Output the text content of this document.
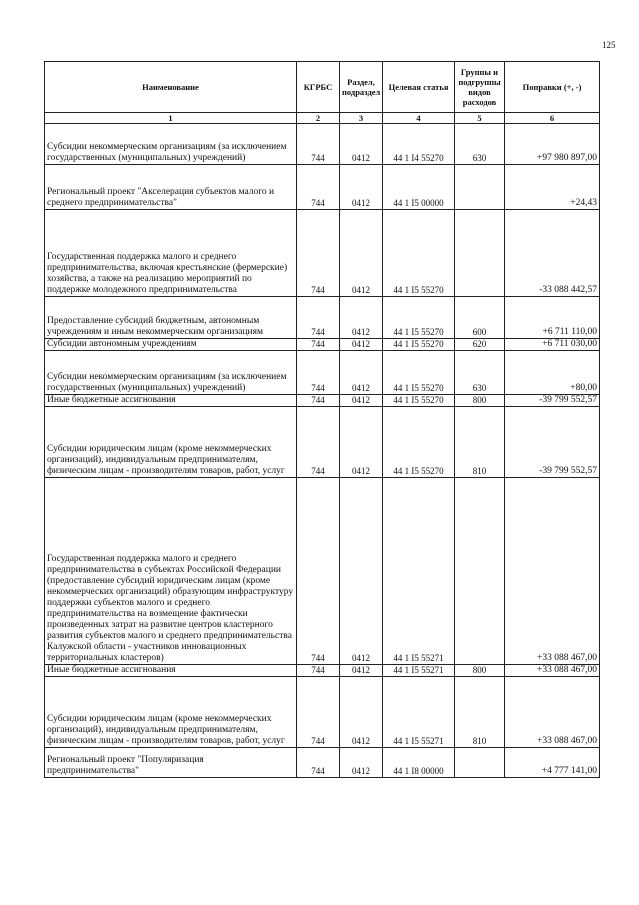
125
Наименование	КГРБС	Раздел, подраздел	Целевая статья	Группы и подгруппы видов расходов	Поправки (+, -)
1	2	3	4	5	6
Субсидии некоммерческим организациям (за исключением государственных (муниципальных) учреждений)	744	0412	44 1 I4 55270	630	+97 980 897,00
Региональный проект "Акселерация субъектов малого и среднего предпринимательства"	744	0412	44 1 I5 00000		+24,43
Государственная поддержка малого и среднего предпринимательства, включая крестьянские (фермерские) хозяйства, а также на реализацию мероприятий по поддержке молодежного предпринимательства	744	0412	44 1 I5 55270		-33 088 442,57
Предоставление субсидий бюджетным, автономным учреждениям и иным некоммерческим организациям	744	0412	44 1 I5 55270	600	+6 711 110,00
Субсидии автономным учреждениям	744	0412	44 1 I5 55270	620	+6 711 030,00
Субсидии некоммерческим организациям (за исключением государственных (муниципальных) учреждений)	744	0412	44 1 I5 55270	630	+80,00
Иные бюджетные ассигнования	744	0412	44 1 I5 55270	800	-39 799 552,57
Субсидии юридическим лицам (кроме некоммерческих организаций), индивидуальным предпринимателям, физическим лицам - производителям товаров, работ, услуг	744	0412	44 1 I5 55270	810	-39 799 552,57
Государственная поддержка малого и среднего предпринимательства в субъектах Российской Федерации (предоставление субсидий юридическим лицам (кроме некоммерческих организаций) образующим инфраструктуру поддержки субъектов малого и среднего предпринимательства на возмещение фактически произведенных затрат на развитие центров кластерного развития субъектов малого и среднего предпринимательства Калужской области - участников инновационных территориальных кластеров)	744	0412	44 1 I5 55271		+33 088 467,00
Иные бюджетные ассигнования	744	0412	44 1 I5 55271	800	+33 088 467,00
Субсидии юридическим лицам (кроме некоммерческих организаций), индивидуальным предпринимателям, физическим лицам - производителям товаров, работ, услуг	744	0412	44 1 I5 55271	810	+33 088 467,00
Региональный проект "Популяризация предпринимательства"	744	0412	44 1 I8 00000		+4 777 141,00
